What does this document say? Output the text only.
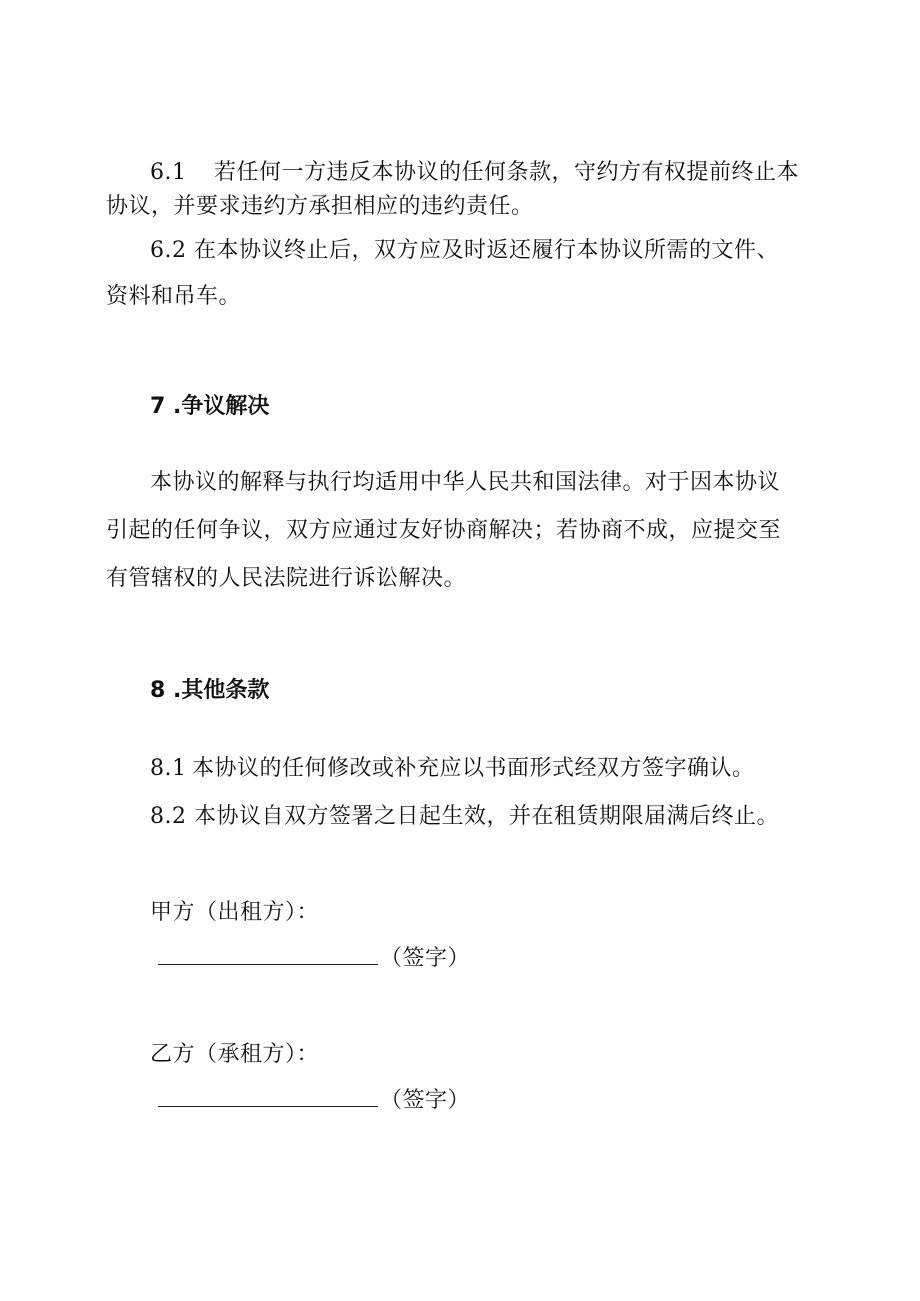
6.1 若任何一方违反本协议的任何条款，守约方有权提前终止本
协议，并要求违约方承担相应的违约责任。
6.2 在本协议终止后，双方应及时返还履行本协议所需的文件、
资料和吊车。
7 .争议解决
本协议的解释与执行均适用中华人民共和国法律。对于因本协议
引起的任何争议，双方应通过友好协商解决；若协商不成，应提交至
有管辖权的人民法院进行诉讼解决。
8 .其他条款
8.1 本协议的任何修改或补充应以书面形式经双方签字确认。
8.2 本协议自双方签署之日起生效，并在租赁期限届满后终止。
甲方（出租方）：
（签字）
乙方（承租方）：
（签字）
